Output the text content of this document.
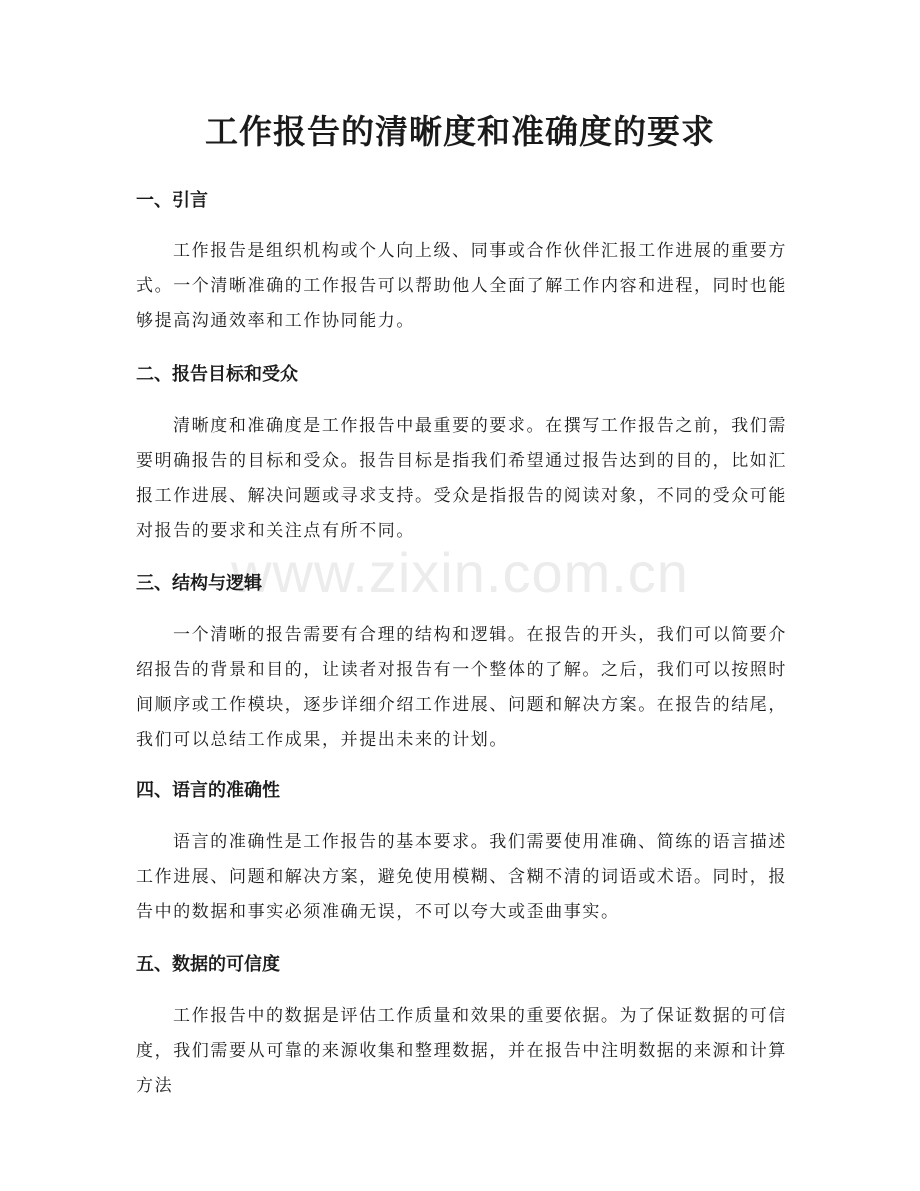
www.zixin.com.cn
工作报告的清晰度和准确度的要求
一、引言

工作报告是组织机构或个人向上级、同事或合作伙伴汇报工作进展的重要方式。一个清晰准确的工作报告可以帮助他人全面了解工作内容和进程，同时也能够提高沟通效率和工作协同能力。

二、报告目标和受众

清晰度和准确度是工作报告中最重要的要求。在撰写工作报告之前，我们需要明确报告的目标和受众。报告目标是指我们希望通过报告达到的目的，比如汇报工作进展、解决问题或寻求支持。受众是指报告的阅读对象，不同的受众可能对报告的要求和关注点有所不同。

三、结构与逻辑

一个清晰的报告需要有合理的结构和逻辑。在报告的开头，我们可以简要介绍报告的背景和目的，让读者对报告有一个整体的了解。之后，我们可以按照时间顺序或工作模块，逐步详细介绍工作进展、问题和解决方案。在报告的结尾，我们可以总结工作成果，并提出未来的计划。

四、语言的准确性

语言的准确性是工作报告的基本要求。我们需要使用准确、简练的语言描述工作进展、问题和解决方案，避免使用模糊、含糊不清的词语或术语。同时，报告中的数据和事实必须准确无误，不可以夸大或歪曲事实。

五、数据的可信度

工作报告中的数据是评估工作质量和效果的重要依据。为了保证数据的可信度，我们需要从可靠的来源收集和整理数据，并在报告中注明数据的来源和计算方法
